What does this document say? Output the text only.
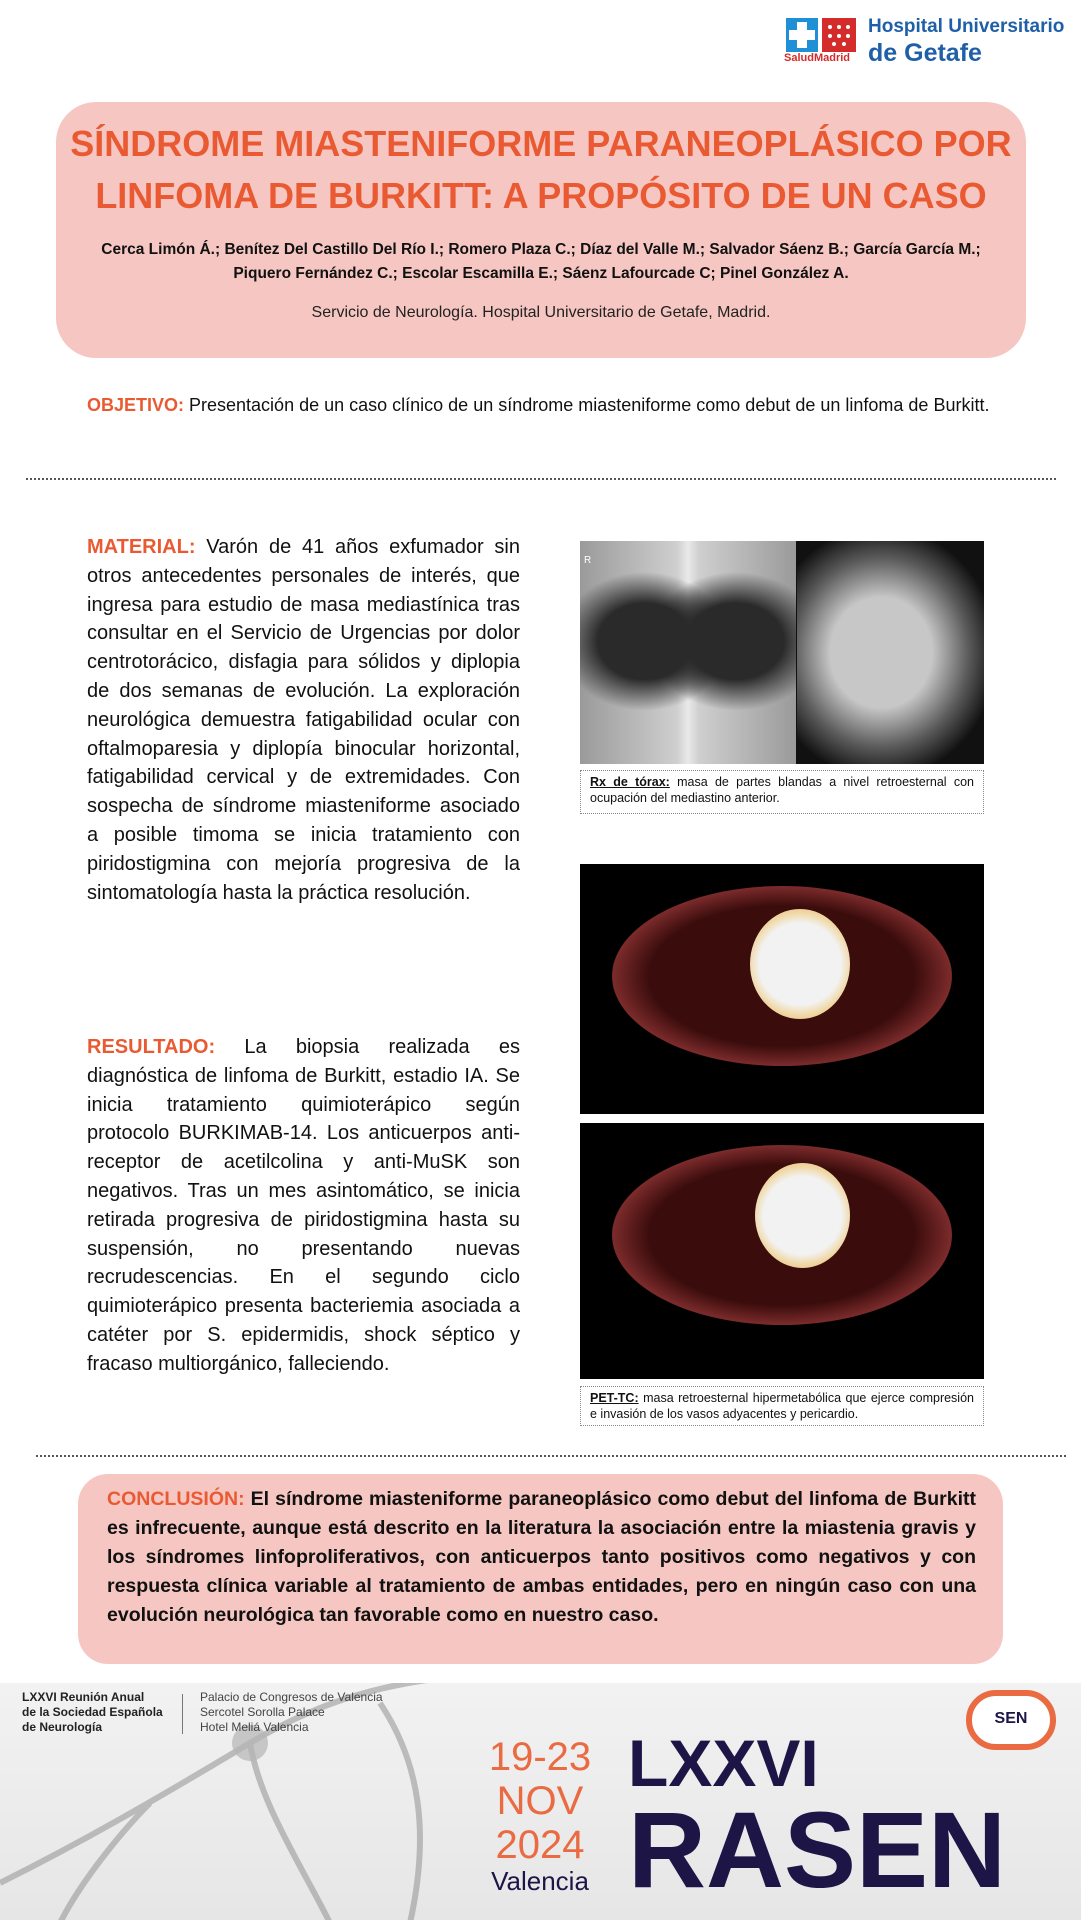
SaludMadrid
Hospital Universitario
de Getafe
SÍNDROME MIASTENIFORME PARANEOPLÁSICO POR LINFOMA DE BURKITT: A PROPÓSITO DE UN CASO
Cerca Limón Á.; Benítez Del Castillo Del Río I.; Romero Plaza C.; Díaz del Valle M.; Salvador Sáenz B.; García García M.;
Piquero Fernández C.; Escolar Escamilla E.; Sáenz Lafourcade C; Pinel González A.
Servicio de Neurología. Hospital Universitario de Getafe, Madrid.
OBJETIVO: Presentación de un caso clínico de un síndrome miasteniforme como debut de un linfoma de Burkitt.
MATERIAL: Varón de 41 años exfumador sin otros antecedentes personales de interés, que ingresa para estudio de masa mediastínica tras consultar en el Servicio de Urgencias por dolor centrotorácico, disfagia para sólidos y diplopia de dos semanas de evolución. La exploración neurológica demuestra fatigabilidad ocular con oftalmoparesia y diplopía binocular horizontal, fatigabilidad cervical y de extremidades. Con sospecha de síndrome miasteniforme asociado a posible timoma se inicia tratamiento con piridostigmina con mejoría progresiva de la sintomatología hasta la práctica resolución.
RESULTADO: La biopsia realizada es diagnóstica de linfoma de Burkitt, estadio IA. Se inicia tratamiento quimioterápico según protocolo BURKIMAB-14. Los anticuerpos anti-receptor de acetilcolina y anti-MuSK son negativos. Tras un mes asintomático, se inicia retirada progresiva de piridostigmina hasta su suspensión, no presentando nuevas recrudescencias. En el segundo ciclo quimioterápico presenta bacteriemia asociada a catéter por S. epidermidis, shock séptico y fracaso multiorgánico, falleciendo.
R
Rx de tórax: masa de partes blandas a nivel retroesternal con ocupación del mediastino anterior.
PET-TC: masa retroesternal hipermetabólica que ejerce compresión e invasión de los vasos adyacentes y pericardio.
CONCLUSIÓN: El síndrome miasteniforme paraneoplásico como debut del linfoma de Burkitt es infrecuente, aunque está descrito en la literatura la asociación entre la miastenia gravis y los síndromes linfoproliferativos, con anticuerpos tanto positivos como negativos y con respuesta clínica variable al tratamiento de ambas entidades, pero en ningún caso con una evolución neurológica tan favorable como en nuestro caso.
LXXVI Reunión Anual
de la Sociedad Española
de Neurología
Palacio de Congresos de Valencia
Sercotel Sorolla Palace
Hotel Meliá Valencia
19-23
NOV
2024
Valencia
LXXVI
RASEN
SEN
